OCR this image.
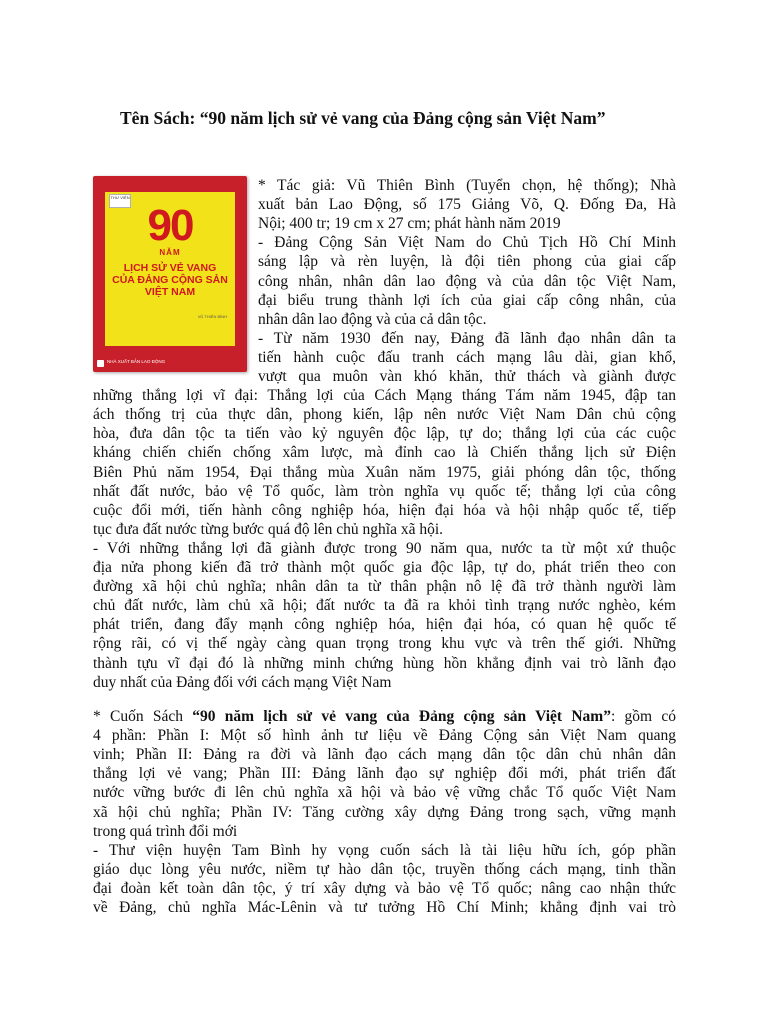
Tên Sách: “90 năm lịch sử vẻ vang của Đảng cộng sản Việt Nam”

THƯ VIỆN
90
NĂM
LỊCH SỬ VẺ VANG
CỦA ĐẢNG CỘNG SẢN
VIỆT NAM
VŨ THIÊN BÌNH
NHÀ XUẤT BẢN LAO ĐỘNG

* Tác giả: Vũ Thiên Bình (Tuyển chọn, hệ thống); Nhà

xuất bản Lao Động, số 175 Giảng Võ, Q. Đống Đa, Hà

Nội; 400 tr; 19 cm x 27 cm; phát hành năm 2019

- Đảng Cộng Sản Việt Nam do Chủ Tịch Hồ Chí Minh

sáng lập và rèn luyện, là đội tiên phong của giai cấp

công nhân, nhân dân lao động và của dân tộc Việt Nam,

đại biểu trung thành lợi ích của giai cấp công nhân, của

nhân dân lao động và của cả dân tộc.

- Từ năm 1930 đến nay, Đảng đã lãnh đạo nhân dân ta

tiến hành cuộc đấu tranh cách mạng lâu dài, gian khổ,

vượt qua muôn vàn khó khăn, thử thách và giành được

những thắng lợi vĩ đại: Thắng lợi của Cách Mạng tháng Tám năm 1945, đập tan

ách thống trị của thực dân, phong kiến, lập nên nước Việt Nam Dân chủ cộng

hòa, đưa dân tộc ta tiến vào kỷ nguyên độc lập, tự do; thắng lợi của các cuộc

kháng chiến chiến chống xâm lược, mà đỉnh cao là Chiến thắng lịch sử Điện

Biên Phủ năm 1954, Đại thắng mùa Xuân năm 1975, giải phóng dân tộc, thống

nhất đất nước, bảo vệ Tổ quốc, làm tròn nghĩa vụ quốc tế; thắng lợi của công

cuộc đổi mới, tiến hành công nghiệp hóa, hiện đại hóa và hội nhập quốc tế, tiếp

tục đưa đất nước từng bước quá độ lên chủ nghĩa xã hội.

- Với những thắng lợi đã giành được trong 90 năm qua, nước ta từ một xứ thuộc

địa nửa phong kiến đã trở thành một quốc gia độc lập, tự do, phát triển theo con

đường xã hội chủ nghĩa; nhân dân ta từ thân phận nô lệ đã trở thành người làm

chủ đất nước, làm chủ xã hội; đất nước ta đã ra khỏi tình trạng nước nghèo, kém

phát triển, đang đẩy mạnh công nghiệp hóa, hiện đại hóa, có quan hệ quốc tế

rộng rãi, có vị thế ngày càng quan trọng trong khu vực và trên thế giới. Những

thành tựu vĩ đại đó là những minh chứng hùng hồn khẳng định vai trò lãnh đạo

duy nhất của Đảng đối với cách mạng Việt Nam

* Cuốn Sách “90 năm lịch sử vẻ vang của Đảng cộng sản Việt Nam”: gồm có

4 phần: Phần I: Một số hình ảnh tư liệu về Đảng Cộng sản Việt Nam quang

vinh; Phần II: Đảng ra đời và lãnh đạo cách mạng dân tộc dân chủ nhân dân

thắng lợi vẻ vang; Phần III: Đảng lãnh đạo sự nghiệp đổi mới, phát triển đất

nước vững bước đi lên chủ nghĩa xã hội và bảo vệ vững chắc Tổ quốc Việt Nam

xã hội chủ nghĩa; Phần IV: Tăng cường xây dựng Đảng trong sạch, vững mạnh

trong quá trình đổi mới

- Thư viện huyện Tam Bình hy vọng cuốn sách là tài liệu hữu ích, góp phần

giáo dục lòng yêu nước, niềm tự hào dân tộc, truyền thống cách mạng, tinh thần

đại đoàn kết toàn dân tộc, ý trí xây dựng và bảo vệ Tổ quốc; nâng cao nhận thức

về Đảng, chủ nghĩa Mác-Lênin và tư tưởng Hồ Chí Minh; khẳng định vai trò
